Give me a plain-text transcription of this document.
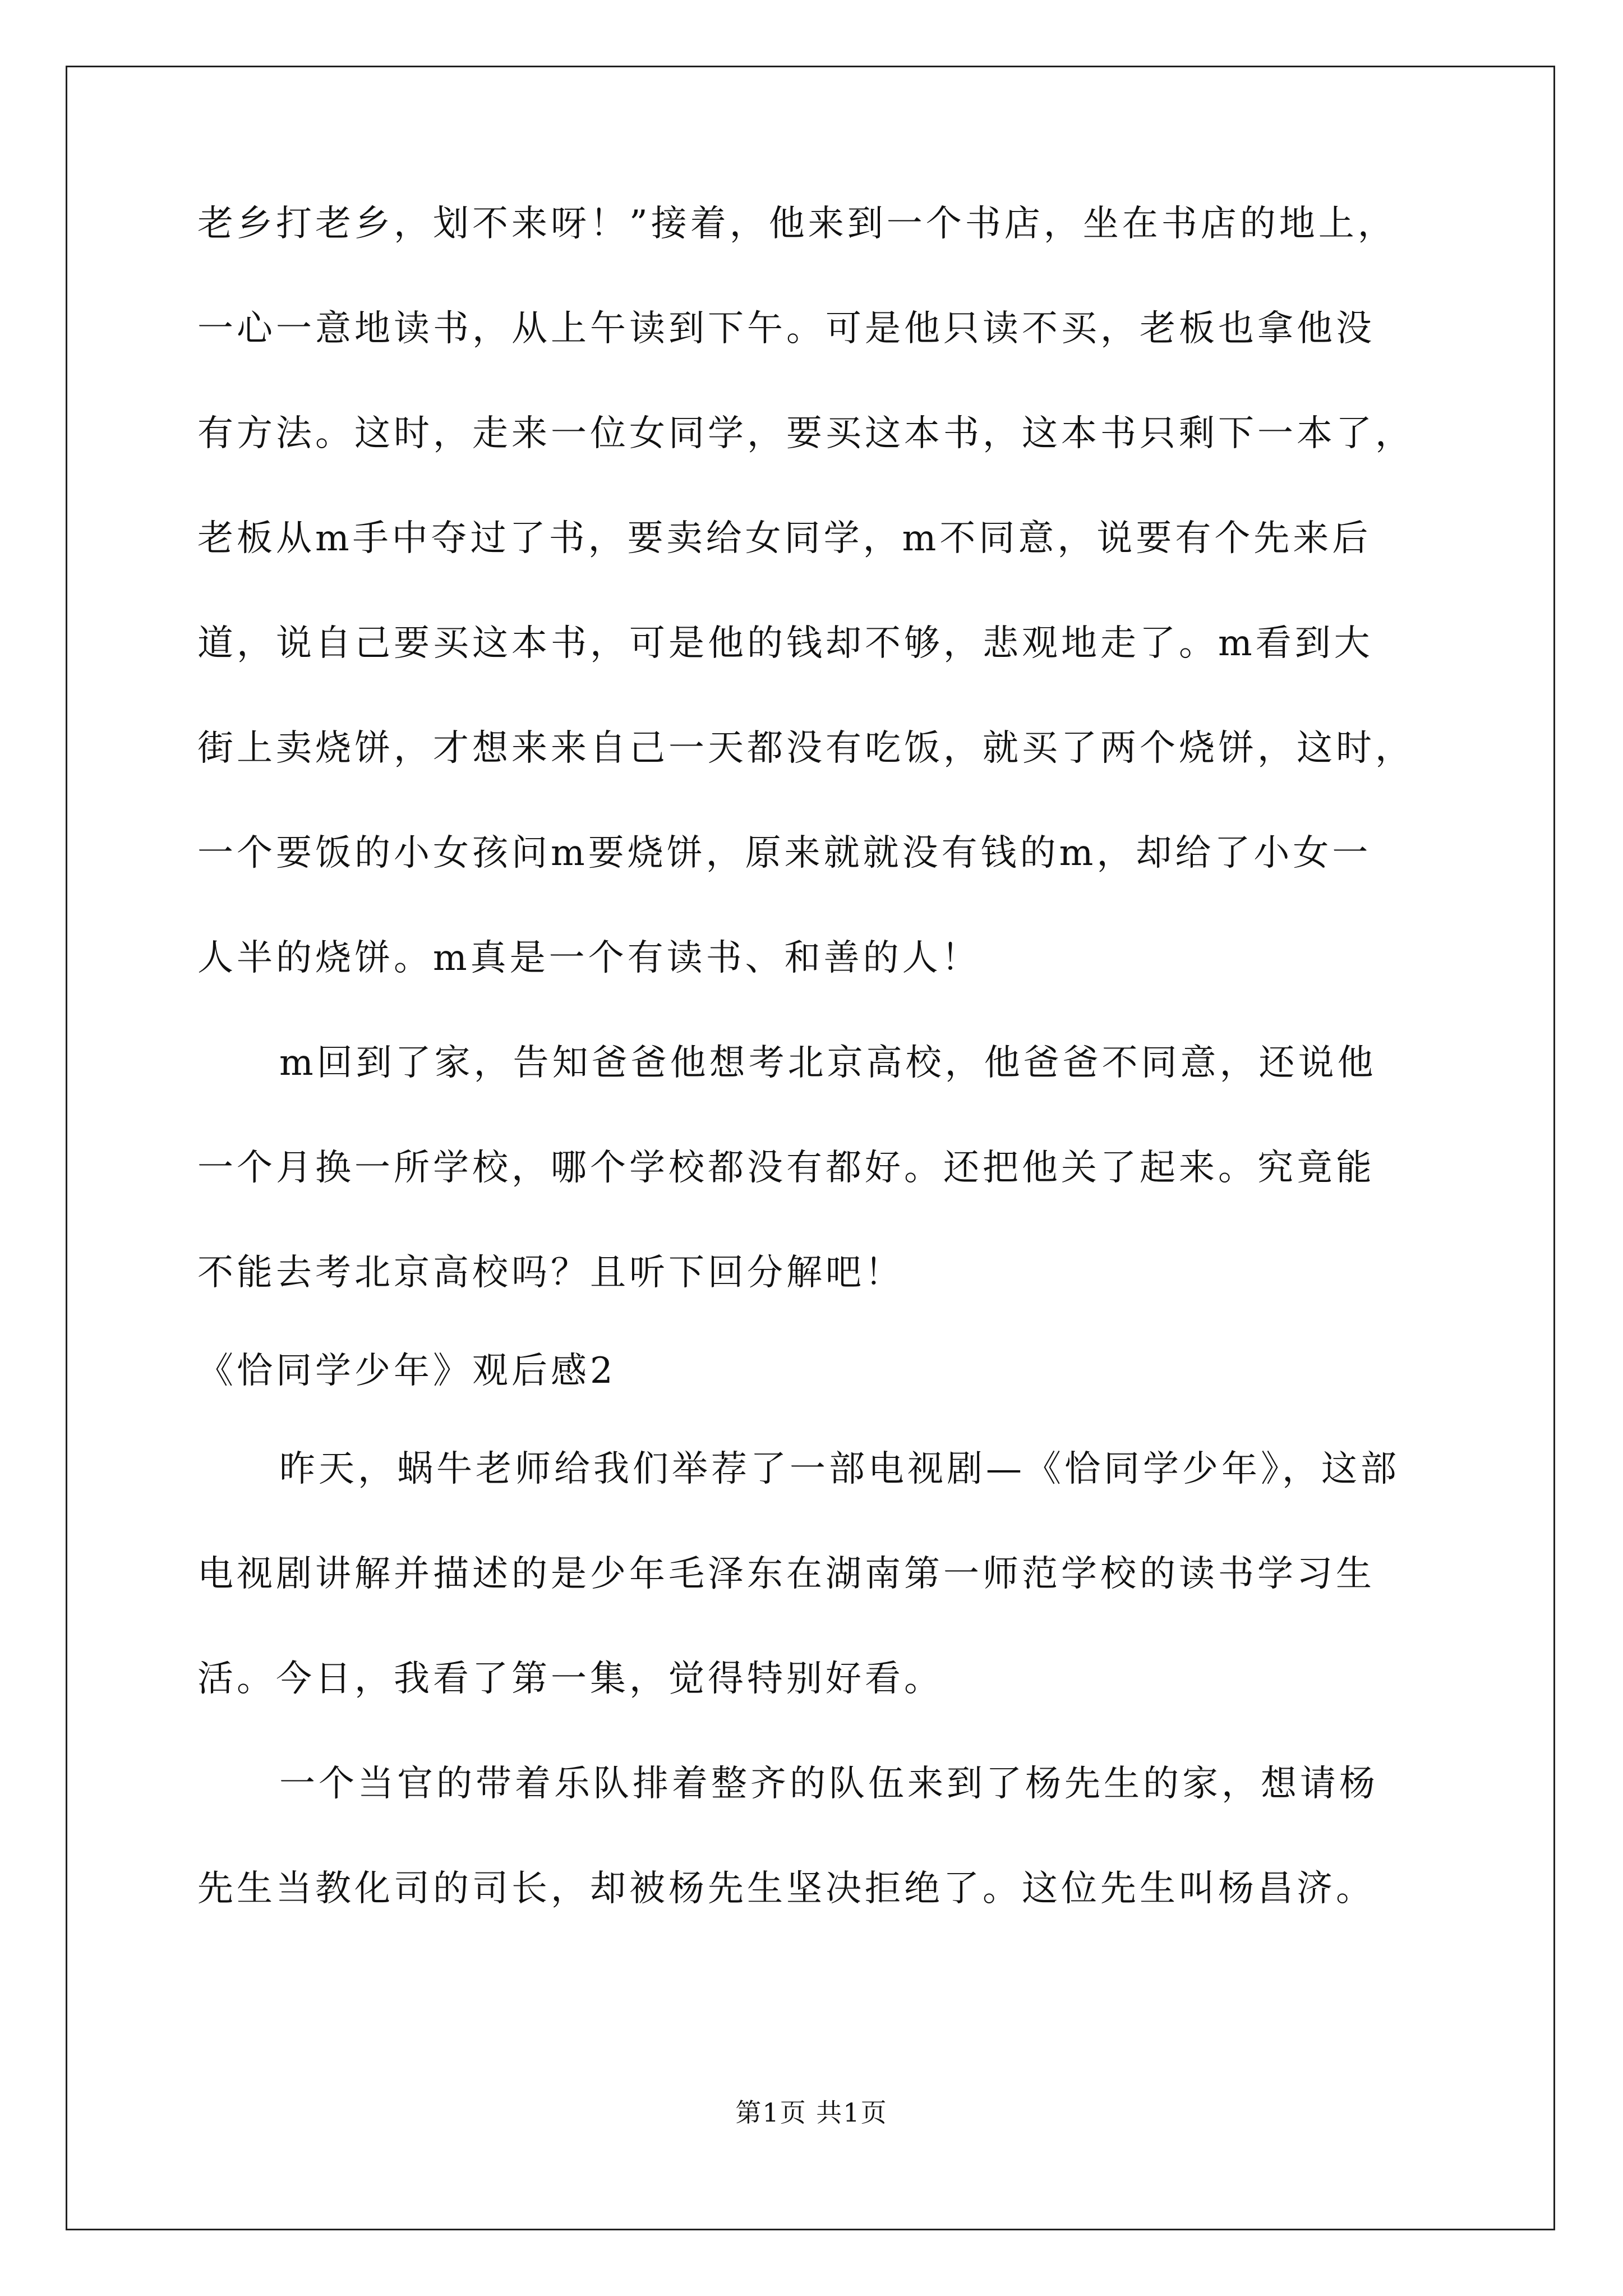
老乡打老乡，划不来呀！”接着，他来到一个书店，坐在书店的地上，
一心一意地读书，从上午读到下午。可是他只读不买，老板也拿他没
有方法。这时，走来一位女同学，要买这本书，这本书只剩下一本了，
老板从m手中夺过了书，要卖给女同学，m不同意，说要有个先来后
道，说自己要买这本书，可是他的钱却不够，悲观地走了。m看到大
街上卖烧饼，才想来来自己一天都没有吃饭，就买了两个烧饼，这时，
一个要饭的小女孩问m要烧饼，原来就就没有钱的m，却给了小女一
人半的烧饼。m真是一个有读书、和善的人！
m回到了家，告知爸爸他想考北京高校，他爸爸不同意，还说他
一个月换一所学校，哪个学校都没有都好。还把他关了起来。究竟能
不能去考北京高校吗？且听下回分解吧！
《恰同学少年》观后感2
昨天，蜗牛老师给我们举荐了一部电视剧—《恰同学少年》，这部
电视剧讲解并描述的是少年毛泽东在湖南第一师范学校的读书学习生
活。今日，我看了第一集，觉得特别好看。
一个当官的带着乐队排着整齐的队伍来到了杨先生的家，想请杨
先生当教化司的司长，却被杨先生坚决拒绝了。这位先生叫杨昌济。
第1页 共1页
